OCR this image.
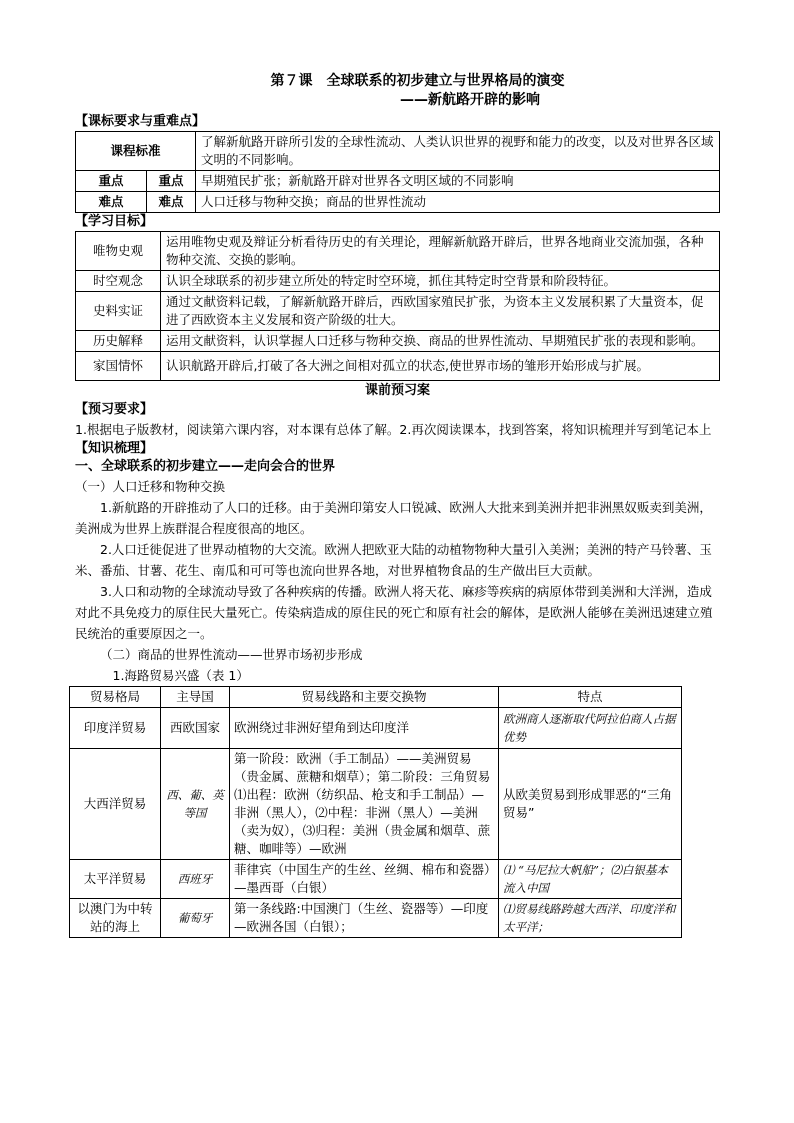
第７课　全球联系的初步建立与世界格局的演变
——新航路开辟的影响
【课标要求与重难点】
课程标准		了解新航路开辟所引发的全球性流动、人类认识世界的视野和能力的改变，以及对世界各区域文明的不同影响。
重点	重点	早期殖民扩张；新航路开辟对世界各文明区域的不同影响
难点	难点	人口迁移与物种交换；商品的世界性流动
【学习目标】
唯物史观	运用唯物史观及辩证分析看待历史的有关理论，理解新航路开辟后，世界各地商业交流加强，各种物种交流、交换的影响。
时空观念	认识全球联系的初步建立所处的特定时空环境，抓住其特定时空背景和阶段特征。
史料实证	通过文献资料记载，了解新航路开辟后，西欧国家殖民扩张，为资本主义发展积累了大量资本，促进了西欧资本主义发展和资产阶级的壮大。
历史解释	运用文献资料，认识掌握人口迁移与物种交换、商品的世界性流动、早期殖民扩张的表现和影响。
家国情怀	认识航路开辟后,打破了各大洲之间相对孤立的状态,使世界市场的雏形开始形成与扩展。
课前预习案
【预习要求】

1.根据电子版教材，阅读第六课内容，对本课有总体了解。2.再次阅读课本，找到答案，将知识梳理并写到笔记本上

【知识梳理】
一、全球联系的初步建立——走向会合的世界

（一）人口迁移和物种交换

1.新航路的开辟推动了人口的迁移。由于美洲印第安人口锐减、欧洲人大批来到美洲并把非洲黑奴贩卖到美洲，美洲成为世界上族群混合程度很高的地区。

2.人口迁徙促进了世界动植物的大交流。欧洲人把欧亚大陆的动植物物种大量引入美洲；美洲的特产马铃薯、玉米、番茄、甘薯、花生、南瓜和可可等也流向世界各地，对世界植物食品的生产做出巨大贡献。

3.人口和动物的全球流动导致了各种疾病的传播。欧洲人将天花、麻疹等疾病的病原体带到美洲和大洋洲，造成对此不具免疫力的原住民大量死亡。传染病造成的原住民的死亡和原有社会的解体，是欧洲人能够在美洲迅速建立殖民统治的重要原因之一。

（二）商品的世界性流动——世界市场初步形成

1.海路贸易兴盛（表 1）

贸易格局	主导国	贸易线路和主要交换物	特点
印度洋贸易	西欧国家	欧洲绕过非洲好望角到达印度洋	欧洲商人逐渐取代阿拉伯商人占据优势
大西洋贸易	西、葡、英等国	第一阶段：欧洲（手工制品）——美洲贸易（贵金属、蔗糖和烟草）；第二阶段：三角贸易⑴出程：欧洲（纺织品、枪支和手工制品）—非洲（黑人），⑵中程：非洲（黑人）—美洲（卖为奴），⑶归程：美洲（贵金属和烟草、蔗糖、咖啡等）—欧洲	从欧美贸易到形成罪恶的“三角贸易”
太平洋贸易	西班牙	菲律宾（中国生产的生丝、丝绸、棉布和瓷器）—墨西哥（白银）	⑴ “马尼拉大帆船”；⑵白银基本流入中国
以澳门为中转站的海上	葡萄牙	第一条线路:中国澳门（生丝、瓷器等）—印度—欧洲各国（白银）；	⑴贸易线路跨越大西洋、印度洋和太平洋；
